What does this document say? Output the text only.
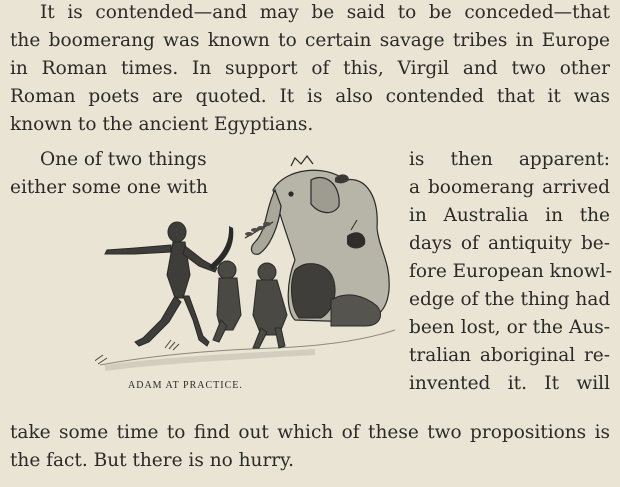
It is contended—and may be said to be conceded—that
the boomerang was known to certain savage tribes in Europe
in Roman times. In support of this, Virgil and two other
Roman poets are quoted. It is also contended that it was
known to the ancient Egyptians.
One of two things
either some one with
is then apparent:
a boomerang arrived
in Australia in the
days of antiquity be-
fore European knowl-
edge of the thing had
been lost, or the Aus-
tralian aboriginal re-
invented it. It will
ADAM AT PRACTICE.
take some time to find out which of these two propositions is
the fact. But there is no hurry.
